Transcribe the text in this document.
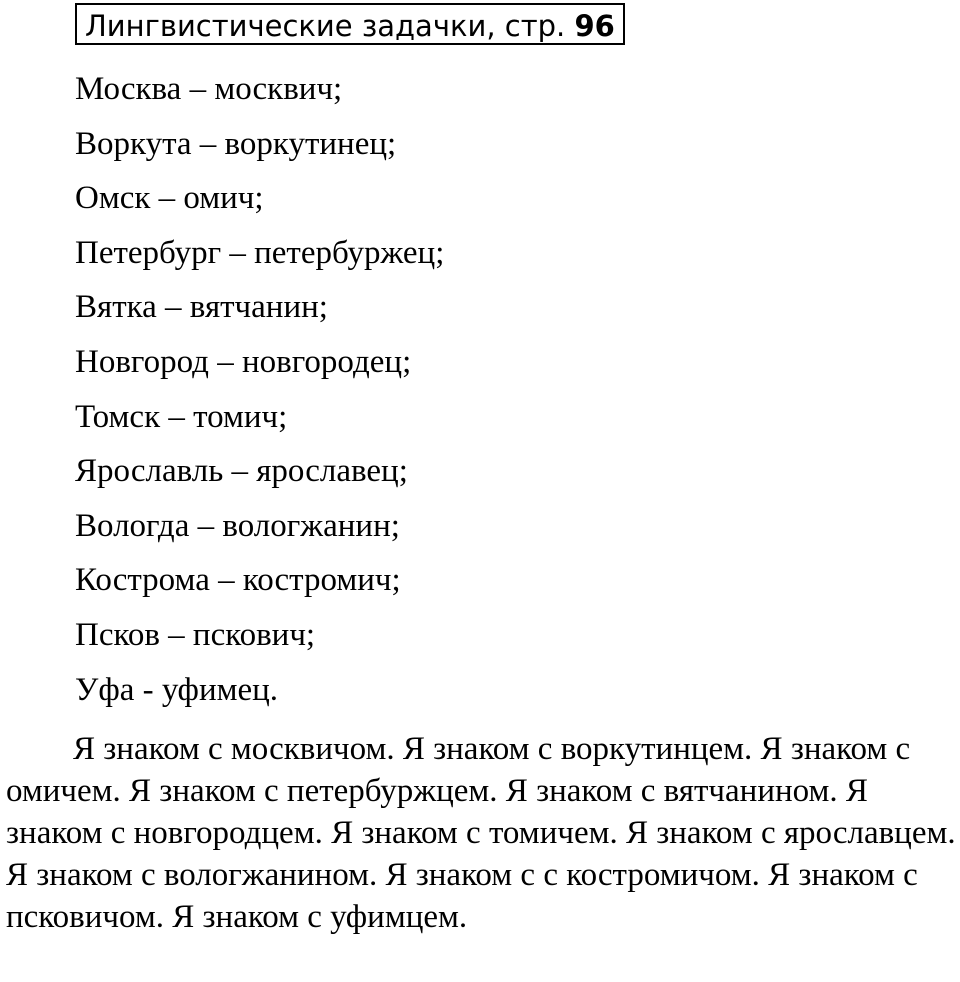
Лингвистические задачки, стр. 96
Москва – москвич;
Воркута – воркутинец;
Омск – омич;
Петербург – петербуржец;
Вятка – вятчанин;
Новгород – новгородец;
Томск – томич;
Ярославль – ярославец;
Вологда – вологжанин;
Кострома – костромич;
Псков – пскович;
Уфа - уфимец.

Я знаком с москвичом. Я знаком с воркутинцем. Я знаком с омичем. Я знаком с петербуржцем. Я знаком с вятчанином. Я знаком с новгородцем. Я знаком с томичем. Я знаком с ярославцем. Я знаком с вологжанином. Я знаком с с костромичом. Я знаком с псковичом. Я знаком с уфимцем.
